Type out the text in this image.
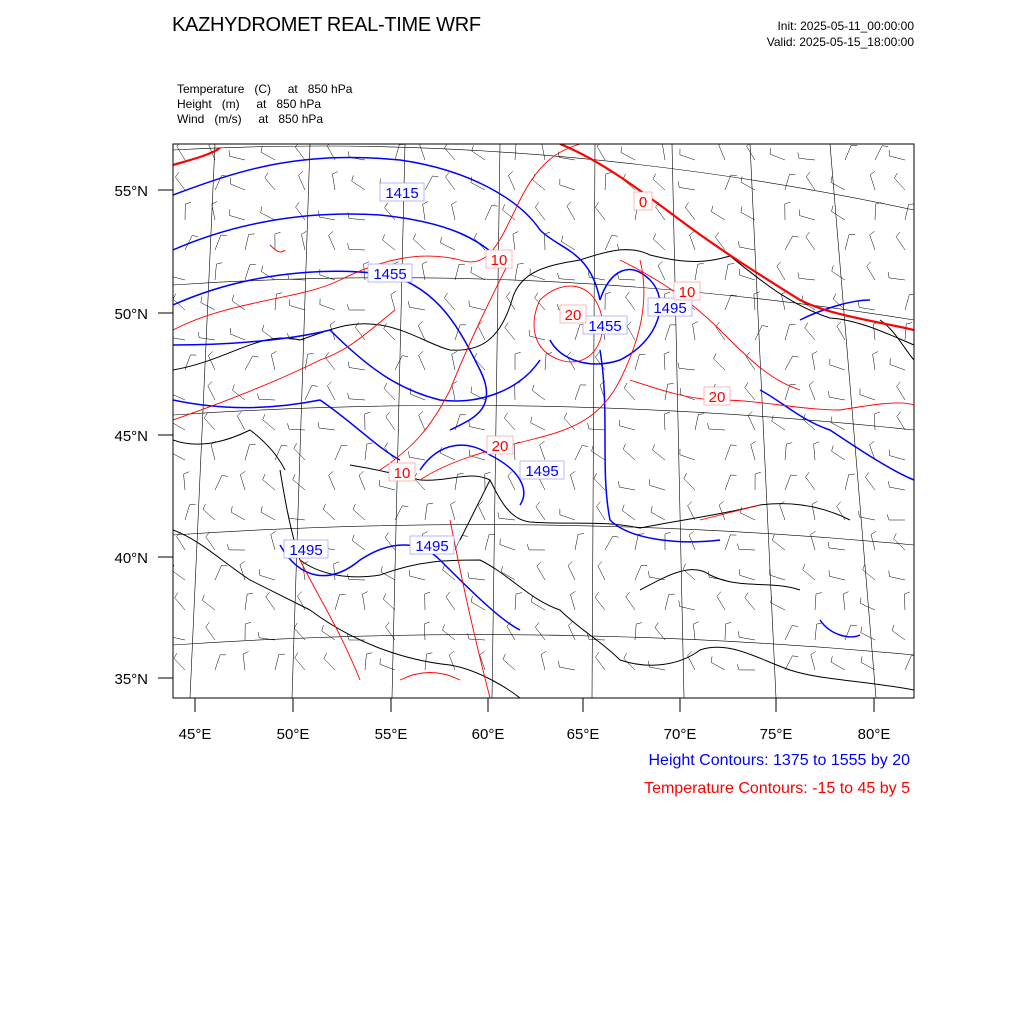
KAZHYDROMET REAL-TIME WRF	Init: 2025-05-11_00:00:00
Valid: 2025-05-15_18:00:00
Temperature   (C)     at   850 hPa
Height   (m)     at   850 hPa
Wind   (m/s)     at   850 hPa
55°N
50°N
45°N
40°N
35°N
45°E	50°E	55°E	60°E	65°E	70°E	75°E	80°E
1415
1455
1455
1495
1495
1495	1495
0
10
10
20
20
20
10
Height Contours: 1375 to 1555 by 20
Temperature Contours: -15 to 45 by 5
